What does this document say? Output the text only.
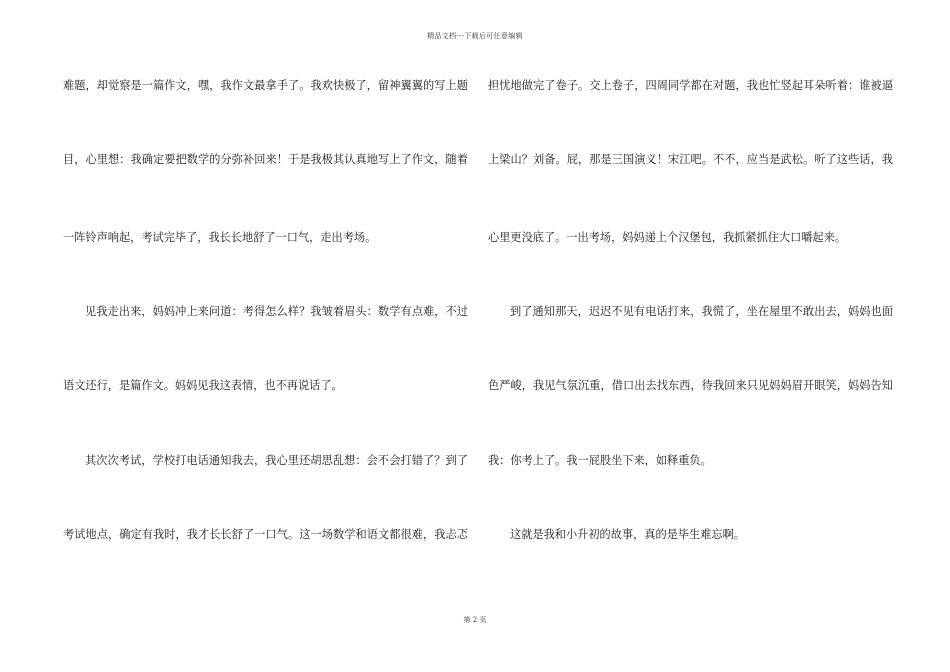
精品文档---下载后可任意编辑
难题，却觉察是一篇作文，嘿，我作文最拿手了。我欢快极了，留神翼翼的写上题
目，心里想：我确定要把数学的分弥补回来！于是我极其认真地写上了作文，随着
一阵铃声响起，考试完毕了，我长长地舒了一口气，走出考场。
见我走出来，妈妈冲上来问道：考得怎么样？我皱着眉头：数学有点难，不过
语文还行，是篇作文。妈妈见我这表情，也不再说话了。
其次次考试，学校打电话通知我去，我心里还胡思乱想：会不会打错了？到了
考试地点，确定有我时，我才长长舒了一口气。这一场数学和语文都很难，我忐忑
担忧地做完了卷子。交上卷子，四周同学都在对题，我也忙竖起耳朵听着：谁被逼
上梁山？刘备。屁，那是三国演义！宋江吧。不不，应当是武松。听了这些话，我
心里更没底了。一出考场，妈妈递上个汉堡包，我抓紧抓住大口嚼起来。
到了通知那天，迟迟不见有电话打来，我慌了，坐在屋里不敢出去，妈妈也面
色严峻，我见气氛沉重，借口出去找东西，待我回来只见妈妈眉开眼笑，妈妈告知
我：你考上了。我一屁股坐下来，如释重负。
这就是我和小升初的故事，真的是毕生难忘啊。
第 2 页
